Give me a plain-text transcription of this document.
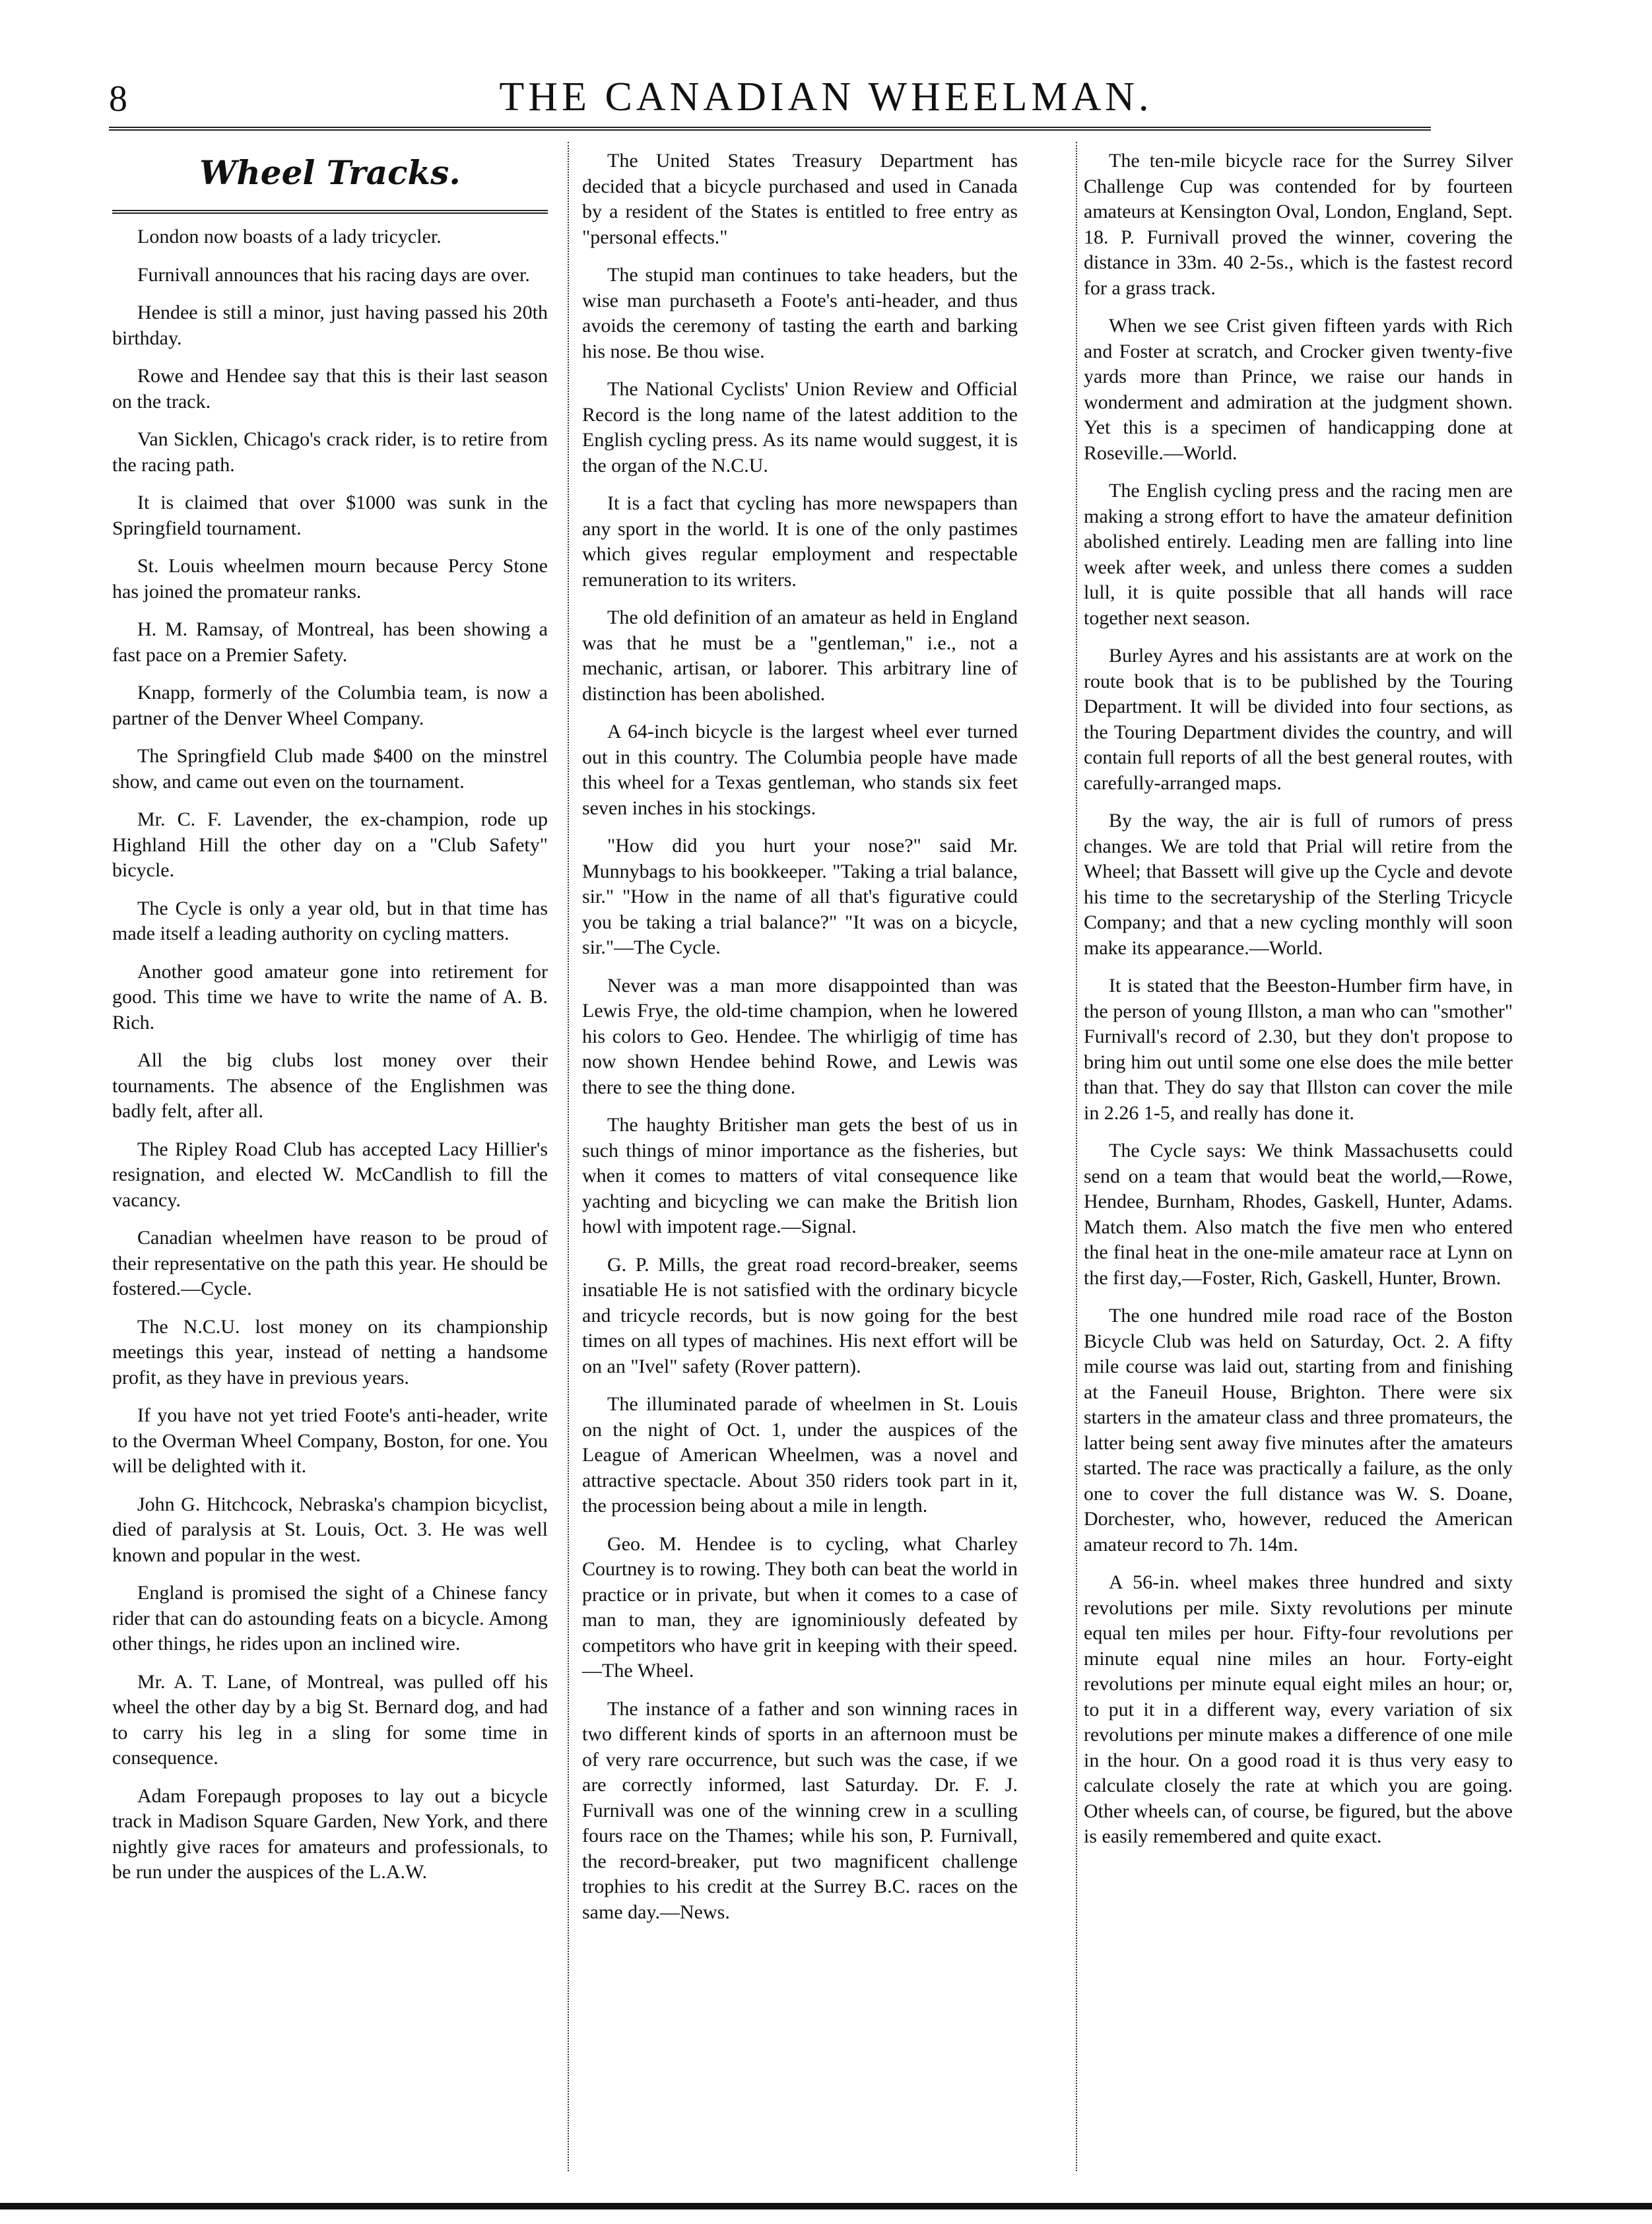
8	THE CANADIAN WHEELMAN.
Wheel Tracks.

London now boasts of a lady tricycler.

Furnivall announces that his racing days are over.

Hendee is still a minor, just having passed his 20th birthday.

Rowe and Hendee say that this is their last season on the track.

Van Sicklen, Chicago's crack rider, is to retire from the racing path.

It is claimed that over $1000 was sunk in the Springfield tournament.

St. Louis wheelmen mourn because Percy Stone has joined the promateur ranks.

H. M. Ramsay, of Montreal, has been showing a fast pace on a Premier Safety.

Knapp, formerly of the Columbia team, is now a partner of the Denver Wheel Company.

The Springfield Club made $400 on the minstrel show, and came out even on the tournament.

Mr. C. F. Lavender, the ex-champion, rode up Highland Hill the other day on a "Club Safety" bicycle.

The Cycle is only a year old, but in that time has made itself a leading authority on cycling matters.

Another good amateur gone into retirement for good. This time we have to write the name of A. B. Rich.

All the big clubs lost money over their tournaments. The absence of the Englishmen was badly felt, after all.

The Ripley Road Club has accepted Lacy Hillier's resignation, and elected W. McCandlish to fill the vacancy.

Canadian wheelmen have reason to be proud of their representative on the path this year. He should be fostered.—Cycle.

The N.C.U. lost money on its championship meetings this year, instead of netting a handsome profit, as they have in previous years.

If you have not yet tried Foote's anti-header, write to the Overman Wheel Company, Boston, for one. You will be delighted with it.

John G. Hitchcock, Nebraska's champion bicyclist, died of paralysis at St. Louis, Oct. 3. He was well known and popular in the west.

England is promised the sight of a Chinese fancy rider that can do astounding feats on a bicycle. Among other things, he rides upon an inclined wire.

Mr. A. T. Lane, of Montreal, was pulled off his wheel the other day by a big St. Bernard dog, and had to carry his leg in a sling for some time in consequence.

Adam Forepaugh proposes to lay out a bicycle track in Madison Square Garden, New York, and there nightly give races for amateurs and professionals, to be run under the auspices of the L.A.W.

The United States Treasury Department has decided that a bicycle purchased and used in Canada by a resident of the States is entitled to free entry as "personal effects."

The stupid man continues to take headers, but the wise man purchaseth a Foote's anti-header, and thus avoids the ceremony of tasting the earth and barking his nose. Be thou wise.

The National Cyclists' Union Review and Official Record is the long name of the latest addition to the English cycling press. As its name would suggest, it is the organ of the N.C.U.

It is a fact that cycling has more newspapers than any sport in the world. It is one of the only pastimes which gives regular employment and respectable remuneration to its writers.

The old definition of an amateur as held in England was that he must be a "gentleman," i.e., not a mechanic, artisan, or laborer. This arbitrary line of distinction has been abolished.

A 64-inch bicycle is the largest wheel ever turned out in this country. The Columbia people have made this wheel for a Texas gentleman, who stands six feet seven inches in his stockings.

"How did you hurt your nose?" said Mr. Munnybags to his bookkeeper. "Taking a trial balance, sir." "How in the name of all that's figurative could you be taking a trial balance?" "It was on a bicycle, sir."—The Cycle.

Never was a man more disappointed than was Lewis Frye, the old-time champion, when he lowered his colors to Geo. Hendee. The whirligig of time has now shown Hendee behind Rowe, and Lewis was there to see the thing done.

The haughty Britisher man gets the best of us in such things of minor importance as the fisheries, but when it comes to matters of vital consequence like yachting and bicycling we can make the British lion howl with impotent rage.—Signal.

G. P. Mills, the great road record-breaker, seems insatiable He is not satisfied with the ordinary bicycle and tricycle records, but is now going for the best times on all types of machines. His next effort will be on an "Ivel" safety (Rover pattern).

The illuminated parade of wheelmen in St. Louis on the night of Oct. 1, under the auspices of the League of American Wheelmen, was a novel and attractive spectacle. About 350 riders took part in it, the procession being about a mile in length.

Geo. M. Hendee is to cycling, what Charley Courtney is to rowing. They both can beat the world in practice or in private, but when it comes to a case of man to man, they are ignominiously defeated by competitors who have grit in keeping with their speed.—The Wheel.

The instance of a father and son winning races in two different kinds of sports in an afternoon must be of very rare occurrence, but such was the case, if we are correctly informed, last Saturday. Dr. F. J. Furnivall was one of the winning crew in a sculling fours race on the Thames; while his son, P. Furnivall, the record-breaker, put two magnificent challenge trophies to his credit at the Surrey B.C. races on the same day.—News.

The ten-mile bicycle race for the Surrey Silver Challenge Cup was contended for by fourteen amateurs at Kensington Oval, London, England, Sept. 18. P. Furnivall proved the winner, covering the distance in 33m. 40 2-5s., which is the fastest record for a grass track.

When we see Crist given fifteen yards with Rich and Foster at scratch, and Crocker given twenty-five yards more than Prince, we raise our hands in wonderment and admiration at the judgment shown. Yet this is a specimen of handicapping done at Roseville.—World.

The English cycling press and the racing men are making a strong effort to have the amateur definition abolished entirely. Leading men are falling into line week after week, and unless there comes a sudden lull, it is quite possible that all hands will race together next season.

Burley Ayres and his assistants are at work on the route book that is to be published by the Touring Department. It will be divided into four sections, as the Touring Department divides the country, and will contain full reports of all the best general routes, with carefully-arranged maps.

By the way, the air is full of rumors of press changes. We are told that Prial will retire from the Wheel; that Bassett will give up the Cycle and devote his time to the secretaryship of the Sterling Tricycle Company; and that a new cycling monthly will soon make its appearance.—World.

It is stated that the Beeston-Humber firm have, in the person of young Illston, a man who can "smother" Furnivall's record of 2.30, but they don't propose to bring him out until some one else does the mile better than that. They do say that Illston can cover the mile in 2.26 1-5, and really has done it.

The Cycle says: We think Massachusetts could send on a team that would beat the world,—Rowe, Hendee, Burnham, Rhodes, Gaskell, Hunter, Adams. Match them. Also match the five men who entered the final heat in the one-mile amateur race at Lynn on the first day,—Foster, Rich, Gaskell, Hunter, Brown.

The one hundred mile road race of the Boston Bicycle Club was held on Saturday, Oct. 2. A fifty mile course was laid out, starting from and finishing at the Faneuil House, Brighton. There were six starters in the amateur class and three promateurs, the latter being sent away five minutes after the amateurs started. The race was practically a failure, as the only one to cover the full distance was W. S. Doane, Dorchester, who, however, reduced the American amateur record to 7h. 14m.

A 56-in. wheel makes three hundred and sixty revolutions per mile. Sixty revolutions per minute equal ten miles per hour. Fifty-four revolutions per minute equal nine miles an hour. Forty-eight revolutions per minute equal eight miles an hour; or, to put it in a different way, every variation of six revolutions per minute makes a difference of one mile in the hour. On a good road it is thus very easy to calculate closely the rate at which you are going. Other wheels can, of course, be figured, but the above is easily remembered and quite exact.
